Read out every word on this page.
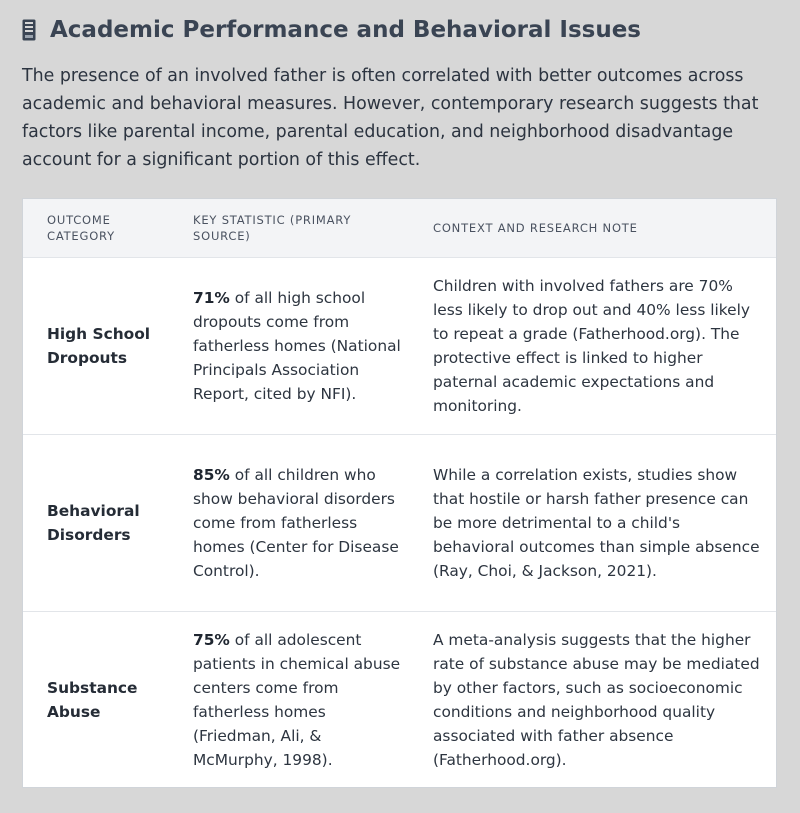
Academic Performance and Behavioral Issues

The presence of an involved father is often correlated with better outcomes across academic and behavioral measures. However, contemporary research suggests that factors like parental income, parental education, and neighborhood disadvantage account for a significant portion of this effect.

OUTCOME CATEGORY	KEY STATISTIC (PRIMARY SOURCE)	CONTEXT AND RESEARCH NOTE
High School Dropouts	71% of all high school dropouts come from fatherless homes (National Principals Association Report, cited by NFI).	Children with involved fathers are 70% less likely to drop out and 40% less likely to repeat a grade (Fatherhood.org). The protective effect is linked to higher paternal academic expectations and monitoring.
Behavioral Disorders	85% of all children who show behavioral disorders come from fatherless homes (Center for Disease Control).	While a correlation exists, studies show that hostile or harsh father presence can be more detrimental to a child's behavioral outcomes than simple absence (Ray, Choi, & Jackson, 2021).
Substance Abuse	75% of all adolescent patients in chemical abuse centers come from fatherless homes (Friedman, Ali, & McMurphy, 1998).	A meta-analysis suggests that the higher rate of substance abuse may be mediated by other factors, such as socioeconomic conditions and neighborhood quality associated with father absence (Fatherhood.org).
